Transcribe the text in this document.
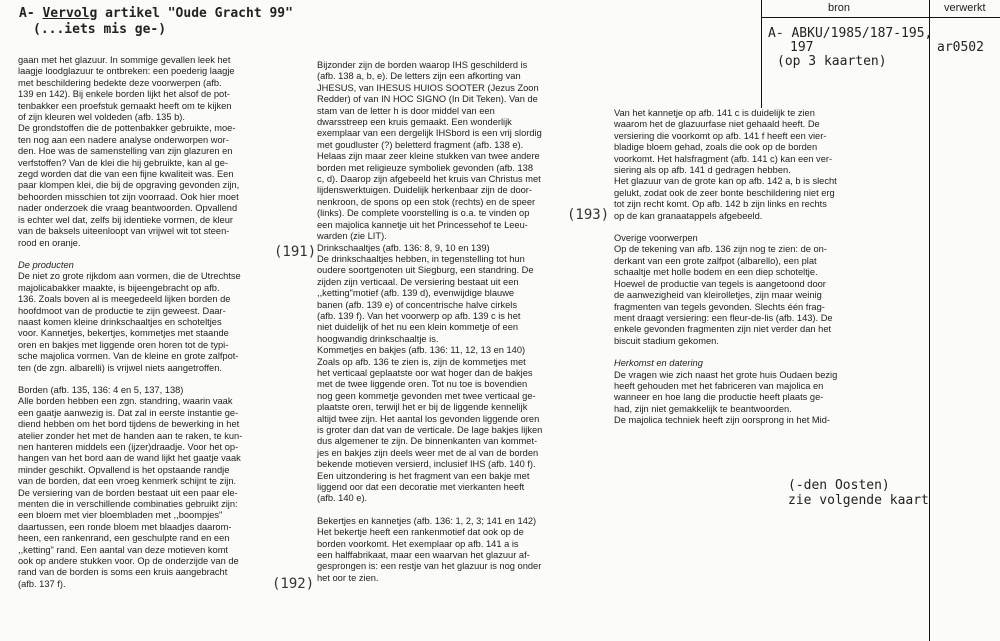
A- Vervolg artikel "Oude Gracht 99"
(...iets mis ge-)
bron	verwerkt
A- ABKU/1985/187-195,
197
(op 3 kaarten)
ar0502

gaan met het glazuur. In sommige gevallen leek het

laagje loodglazuur te ontbreken: een poederig laagje

met beschildering bedekte deze voorwerpen (afb.

139 en 142). Bij enkele borden lijkt het alsof de pot-

tenbakker een proefstuk gemaakt heeft om te kijken

of zijn kleuren wel voldeden (afb. 135 b).

De grondstoffen die de pottenbakker gebruikte, moe-

ten nog aan een nadere analyse onderworpen wor-

den. Hoe was de samenstelling van zijn glazuren en

verfstoffen? Van de klei die hij gebruikte, kan al ge-

zegd worden dat die van een fijne kwaliteit was. Een

paar klompen klei, die bij de opgraving gevonden zijn,

behoorden misschien tot zijn voorraad. Ook hier moet

nader onderzoek die vraag beantwoorden. Opvallend

is echter wel dat, zelfs bij identieke vormen, de kleur

van de baksels uiteenloopt van vrijwel wit tot steen-

rood en oranje.

De producten

De niet zo grote rijkdom aan vormen, die de Utrechtse

majolicabakker maakte, is bijeengebracht op afb.

136. Zoals boven al is meegedeeld lijken borden de

hoofdmoot van de productie te zijn geweest. Daar-

naast komen kleine drinkschaaltjes en schoteltjes

voor. Kannetjes, bekertjes, kommetjes met staande

oren en bakjes met liggende oren horen tot de typi-

sche majolica vormen. Van de kleine en grote zalfpot-

ten (de zgn. albarelli) is vrijwel niets aangetroffen.

Borden (afb. 135, 136: 4 en 5, 137, 138)

Alle borden hebben een zgn. standring, waarin vaak

een gaatje aanwezig is. Dat zal in eerste instantie ge-

diend hebben om het bord tijdens de bewerking in het

atelier zonder het met de handen aan te raken, te kun-

nen hanteren middels een (ijzer)draadje. Voor het op-

hangen van het bord aan de wand lijkt het gaatje vaak

minder geschikt. Opvallend is het opstaande randje

van de borden, dat een vroeg kenmerk schijnt te zijn.

De versiering van de borden bestaat uit een paar ele-

menten die in verschillende combinaties gebruikt zijn:

een bloem met vier bloembladen met ,,boompjes"

daartussen, een ronde bloem met blaadjes daarom-

heen, een rankenrand, een geschulpte rand en een

,,ketting" rand. Een aantal van deze motieven komt

ook op andere stukken voor. Op de onderzijde van de

rand van de borden is soms een kruis aangebracht

(afb. 137 f).

Bijzonder zijn de borden waarop IHS geschilderd is

(afb. 138 a, b, e). De letters zijn een afkorting van

JHESUS, van IHESUS HUIOS SOOTER (Jezus Zoon

Redder) of van IN HOC SIGNO (In Dit Teken). Van de

stam van de letter h is door middel van een

dwarsstreep een kruis gemaakt. Een wonderlijk

exemplaar van een dergelijk IHSbord is een vrij slordig

met goudluster (?) beletterd fragment (afb. 138 e).

Helaas zijn maar zeer kleine stukken van twee andere

borden met religieuze symboliek gevonden (afb. 138

c, d). Daarop zijn afgebeeld het kruis van Christus met

lijdenswerktuigen. Duidelijk herkenbaar zijn de door-

nenkroon, de spons op een stok (rechts) en de speer

(links). De complete voorstelling is o.a. te vinden op

een majolica kannetje uit het Princessehof te Leeu-

warden (zie LIT).

Drinkschaaltjes (afb. 136: 8, 9, 10 en 139)

De drinkschaaltjes hebben, in tegenstelling tot hun

oudere soortgenoten uit Siegburg, een standring. De

zijden zijn verticaal. De versiering bestaat uit een

,,ketting"motief (afb. 139 d), evenwijdige blauwe

banen (afb. 139 e) of concentrische halve cirkels

(afb. 139 f). Van het voorwerp op afb. 139 c is het

niet duidelijk of het nu een klein kommetje of een

hoogwandig drinkschaaltje is.

Kommetjes en bakjes (afb. 136: 11, 12, 13 en 140)

Zoals op afb. 136 te zien is, zijn de kommetjes met

het verticaal geplaatste oor wat hoger dan de bakjes

met de twee liggende oren. Tot nu toe is bovendien

nog geen kommetje gevonden met twee verticaal ge-

plaatste oren, terwijl het er bij de liggende kennelijk

altijd twee zijn. Het aantal los gevonden liggende oren

is groter dan dat van de verticale. De lage bakjes lijken

dus algemener te zijn. De binnenkanten van kommet-

jes en bakjes zijn deels weer met de al van de borden

bekende motieven versierd, inclusief IHS (afb. 140 f).

Een uitzondering is het fragment van een bakje met

liggend oor dat een decoratie met vierkanten heeft

(afb. 140 e).

Bekertjes en kannetjes (afb. 136: 1, 2, 3; 141 en 142)

Het bekertje heeft een rankenmotief dat ook op de

borden voorkomt. Het exemplaar op afb. 141 a is

een halffabrikaat, maar een waarvan het glazuur af-

gesprongen is: een restje van het glazuur is nog onder

het oor te zien.

Van het kannetje op afb. 141 c is duidelijk te zien

waarom het de glazuurfase niet gehaald heeft. De

versiering die voorkomt op afb. 141 f heeft een vier-

bladige bloem gehad, zoals die ook op de borden

voorkomt. Het halsfragment (afb. 141 c) kan een ver-

siering als op afb. 141 d gedragen hebben.

Het glazuur van de grote kan op afb. 142 a, b is slecht

gelukt, zodat ook de zeer bonte beschildering niet erg

tot zijn recht komt. Op afb. 142 b zijn links en rechts

op de kan granaatappels afgebeeld.

Overige voorwerpen

Op de tekening van afb. 136 zijn nog te zien: de on-

derkant van een grote zalfpot (albarello), een plat

schaaltje met holle bodem en een diep schoteltje.

Hoewel de productie van tegels is aangetoond door

de aanwezigheid van kleirolletjes, zijn maar weinig

fragmenten van tegels gevonden. Slechts één frag-

ment draagt versiering: een fleur-de-lis (afb. 143). De

enkele gevonden fragmenten zijn niet verder dan het

biscuit stadium gekomen.

Herkomst en datering

De vragen wie zich naast het grote huis Oudaen bezig

heeft gehouden met het fabriceren van majolica en

wanneer en hoe lang die productie heeft plaats ge-

had, zijn niet gemakkelijk te beantwoorden.

De majolica techniek heeft zijn oorsprong in het Mid-

(191)
(192)
(193)
(-den Oosten)
zie volgende kaart
